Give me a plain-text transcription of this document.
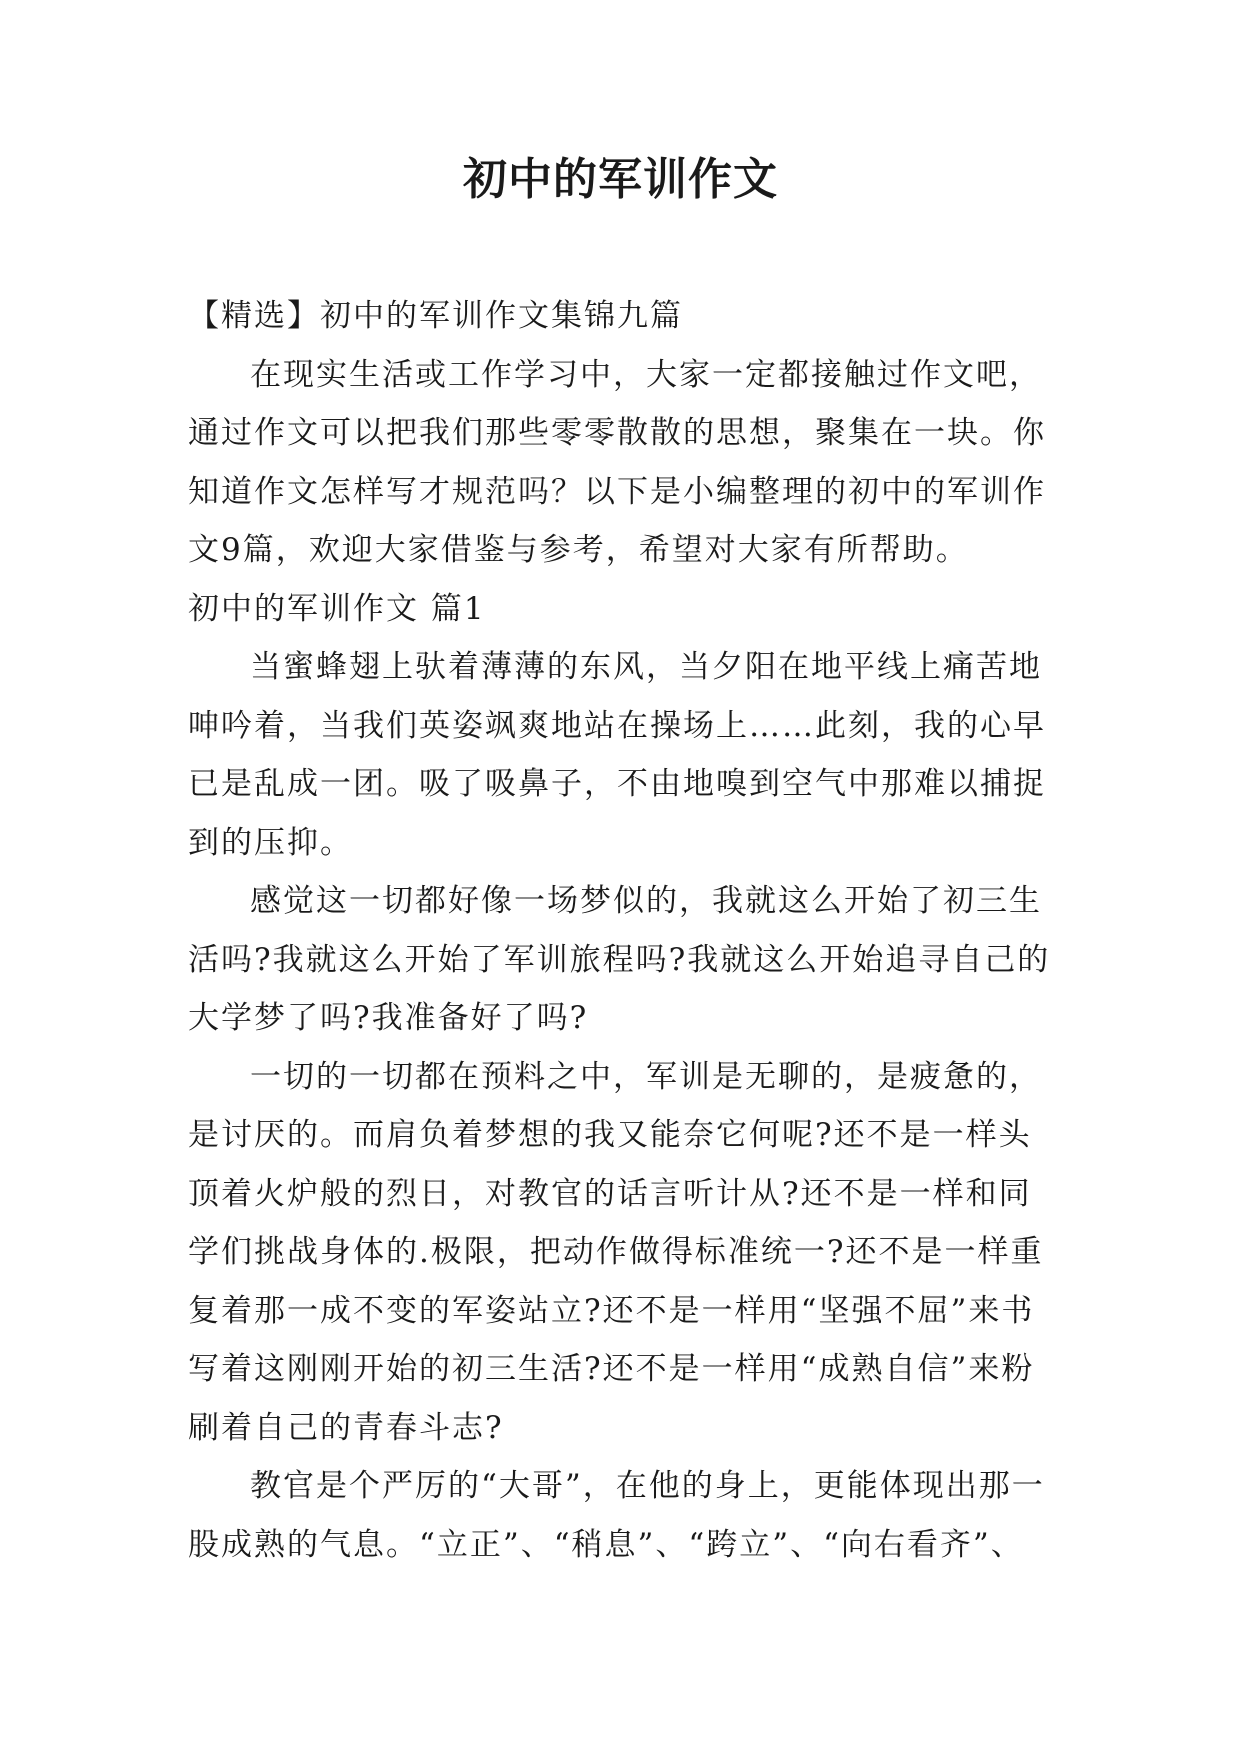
初中的军训作文

【精选】初中的军训作文集锦九篇

在现实生活或工作学习中，大家一定都接触过作文吧，通过作文可以把我们那些零零散散的思想，聚集在一块。你知道作文怎样写才规范吗？以下是小编整理的初中的军训作文9篇，欢迎大家借鉴与参考，希望对大家有所帮助。

初中的军训作文 篇1

当蜜蜂翅上驮着薄薄的东风，当夕阳在地平线上痛苦地呻吟着，当我们英姿飒爽地站在操场上……此刻，我的心早已是乱成一团。吸了吸鼻子，不由地嗅到空气中那难以捕捉到的压抑。

感觉这一切都好像一场梦似的，我就这么开始了初三生活吗?我就这么开始了军训旅程吗?我就这么开始追寻自己的大学梦了吗?我准备好了吗?

一切的一切都在预料之中，军训是无聊的，是疲惫的，是讨厌的。而肩负着梦想的我又能奈它何呢?还不是一样头顶着火炉般的烈日，对教官的话言听计从?还不是一样和同学们挑战身体的.极限，把动作做得标准统一?还不是一样重复着那一成不变的军姿站立?还不是一样用“坚强不屈”来书写着这刚刚开始的初三生活?还不是一样用“成熟自信”来粉刷着自己的青春斗志?

教官是个严厉的“大哥”，在他的身上，更能体现出那一股成熟的气息。“立正”、“稍息”、“跨立”、“向右看齐”、
